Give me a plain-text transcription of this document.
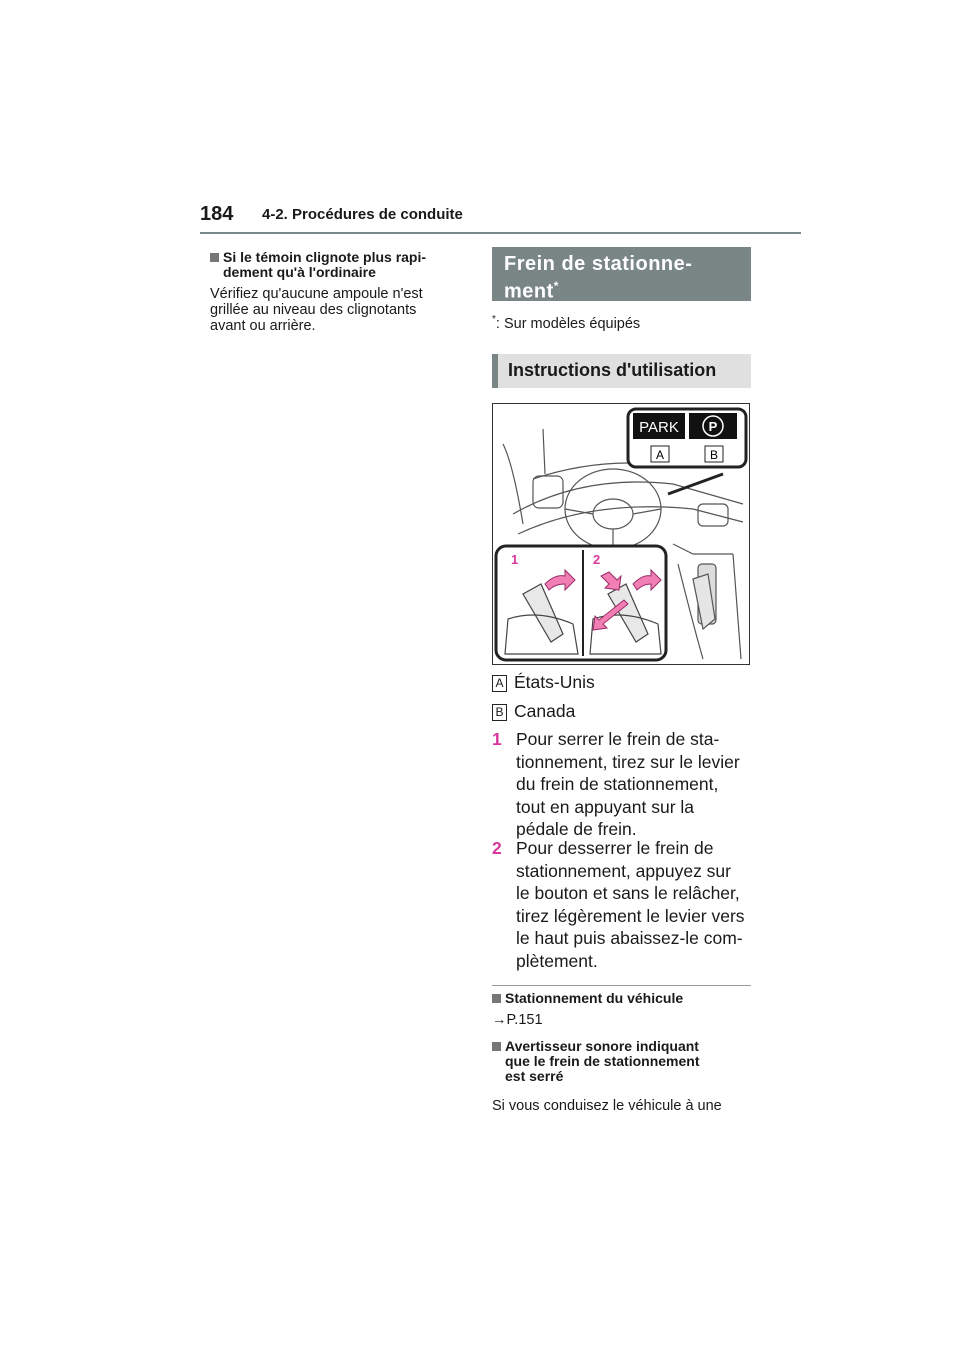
184 4-2. Procédures de conduite
Si le témoin clignote plus rapi-
dement qu'à l'ordinaire
Vérifiez qu'aucune ampoule n'est
grillée au niveau des clignotants
avant ou arrière.
Frein de stationne-
ment*
*: Sur modèles équipés
Instructions d'utilisation
PARK P
A	B
1	2
A États-Unis
B Canada
1 Pour serrer le frein de sta-
tionnement, tirez sur le levier
du frein de stationnement,
tout en appuyant sur la
pédale de frein.
2 Pour desserrer le frein de
stationnement, appuyez sur
le bouton et sans le relâcher,
tirez légèrement le levier vers
le haut puis abaissez-le com-
plètement.
Stationnement du véhicule
→P.151
Avertisseur sonore indiquant
que le frein de stationnement
est serré
Si vous conduisez le véhicule à une
